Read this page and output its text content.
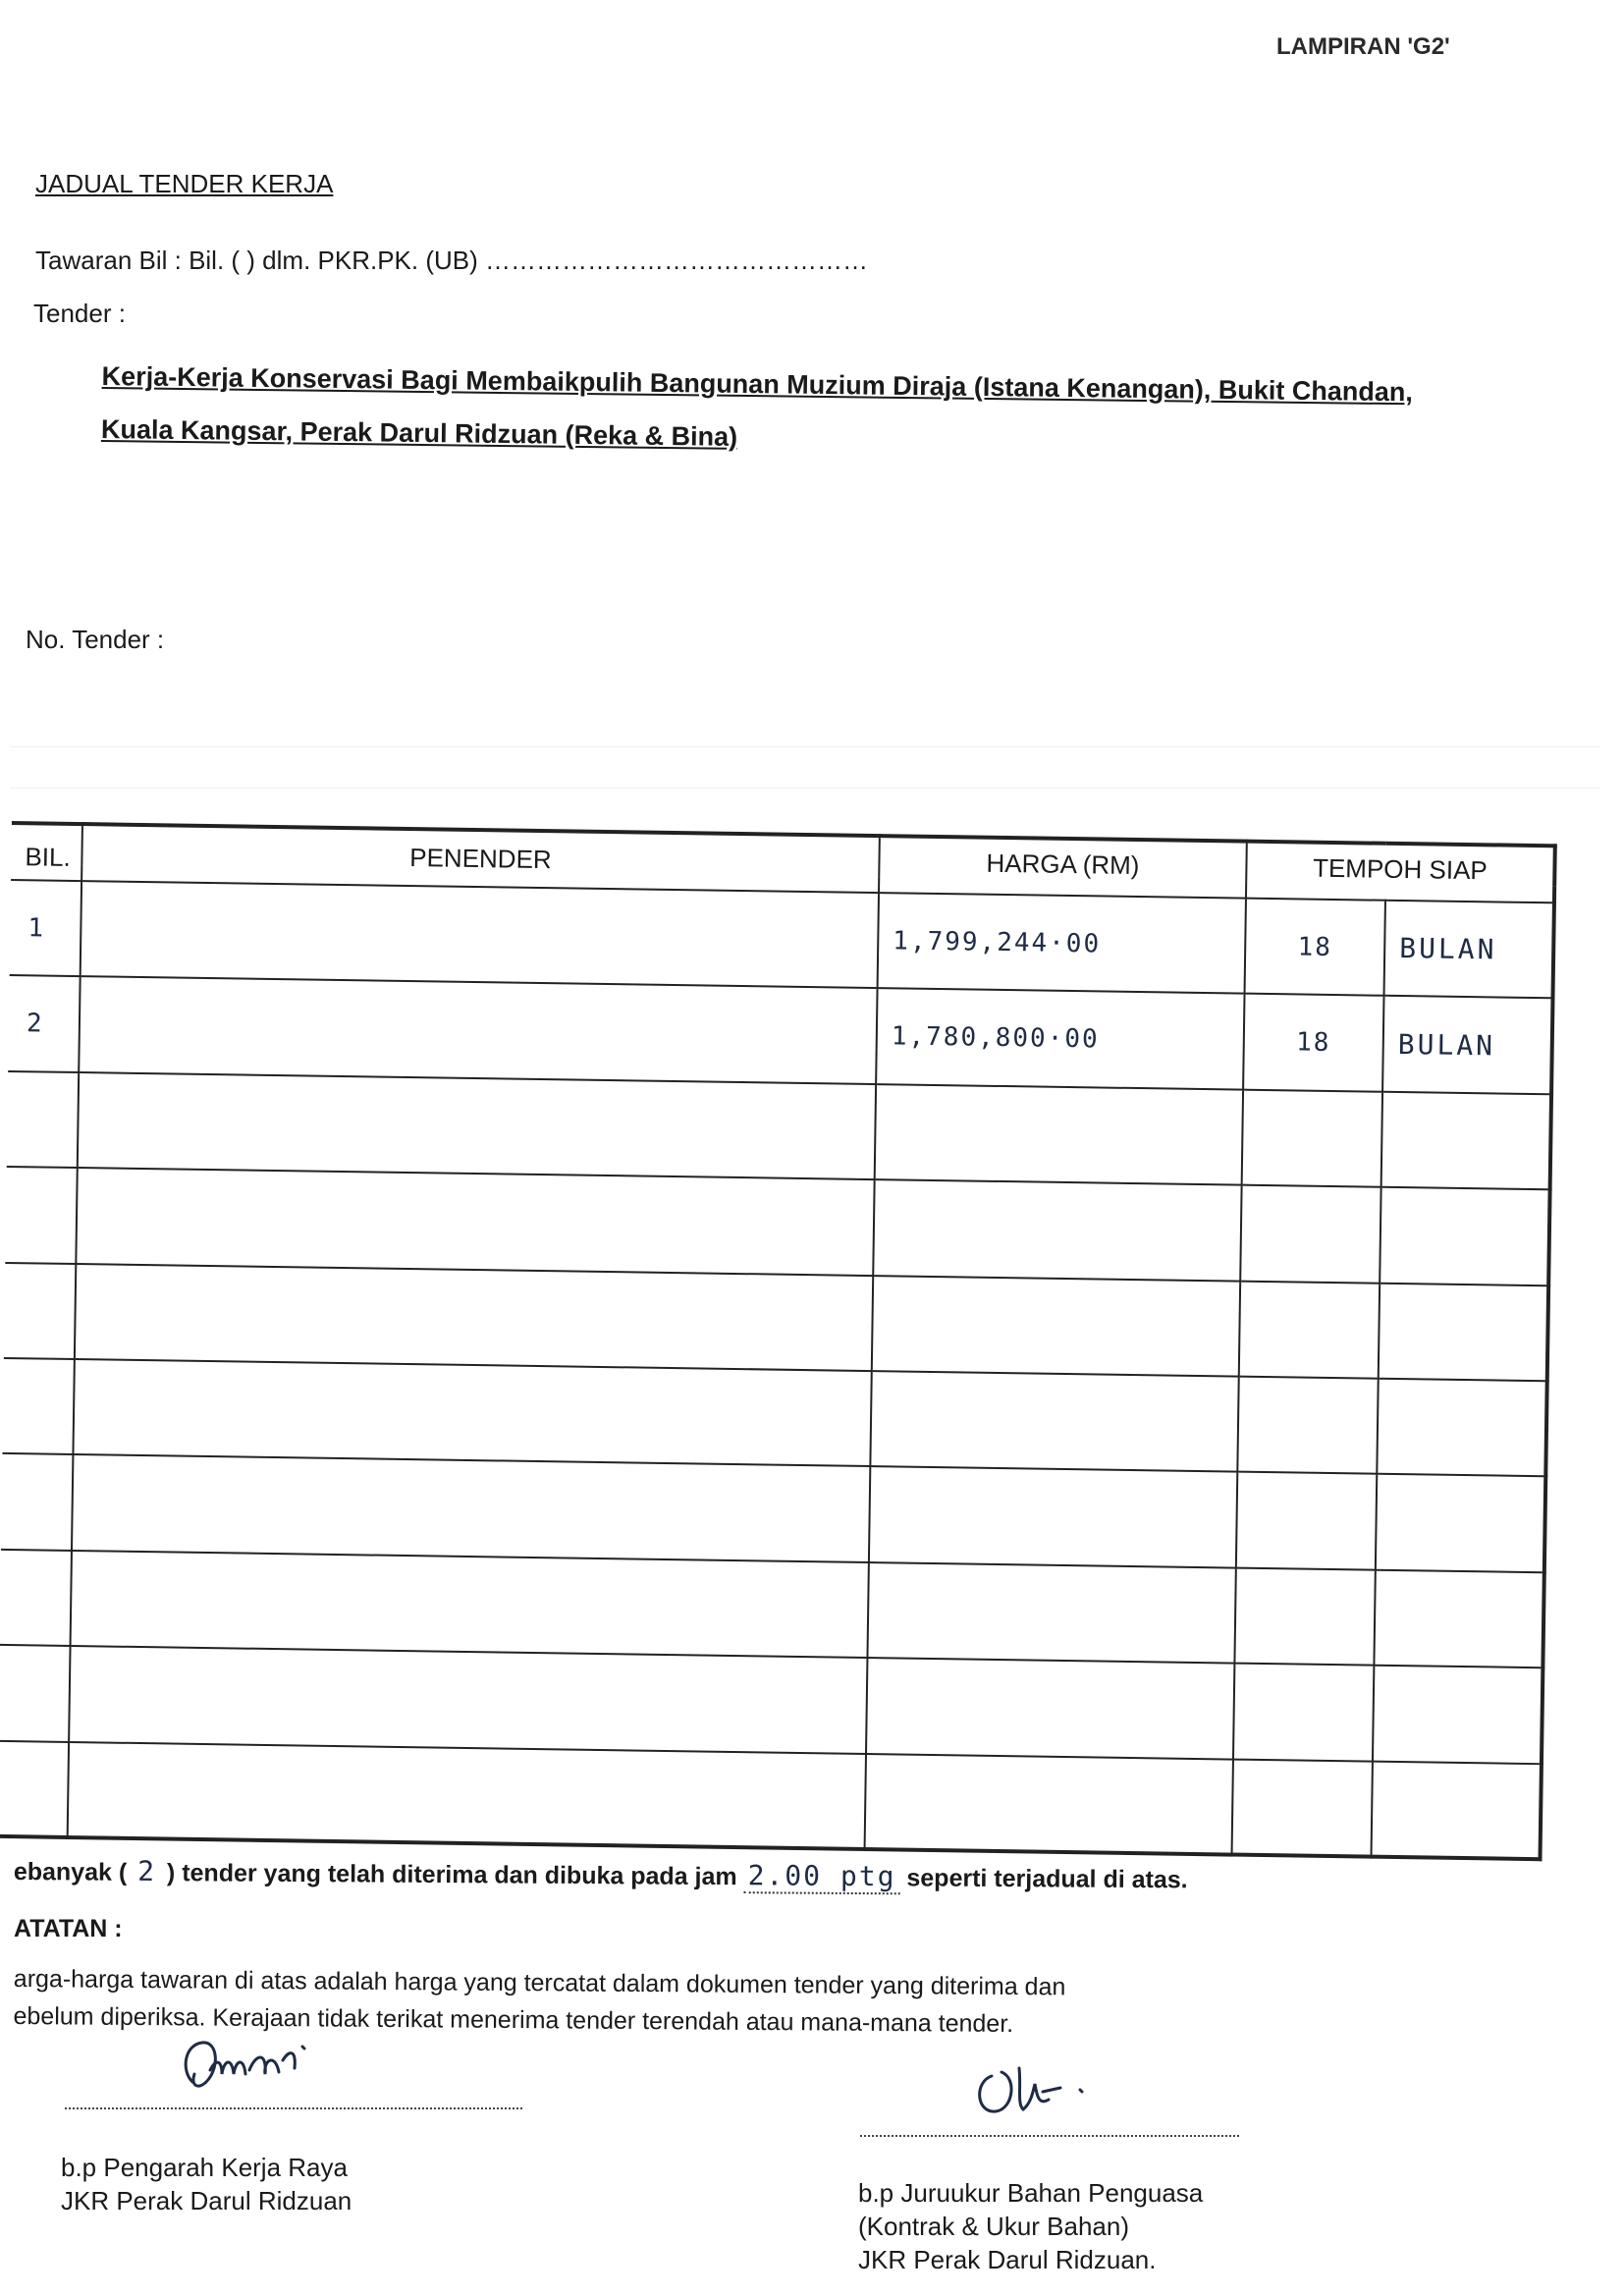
LAMPIRAN 'G2'
JADUAL TENDER KERJA
Tawaran Bil : Bil. ( ) dlm. PKR.PK. (UB) ………………………………………
Tender :
Kerja-Kerja Konservasi Bagi Membaikpulih Bangunan Muzium Diraja (Istana Kenangan), Bukit Chandan,
Kuala Kangsar, Perak Darul Ridzuan (Reka & Bina)
No. Tender :
BIL.	PENENDER	HARGA (RM)	TEMPOH SIAP	

1		1,799,244·00	18	BULAN
2		1,780,800·00	18	BULAN

ebanyak ( 2 ) tender yang telah diterima dan dibuka pada jam 2.00 ptg seperti terjadual di atas.
ATATAN :
arga-harga tawaran di atas adalah harga yang tercatat dalam dokumen tender yang diterima dan
ebelum diperiksa. Kerajaan tidak terikat menerima tender terendah atau mana-mana tender.
b.p Pengarah Kerja Raya
JKR Perak Darul Ridzuan	b.p Juruukur Bahan Penguasa
(Kontrak & Ukur Bahan)
JKR Perak Darul Ridzuan.
